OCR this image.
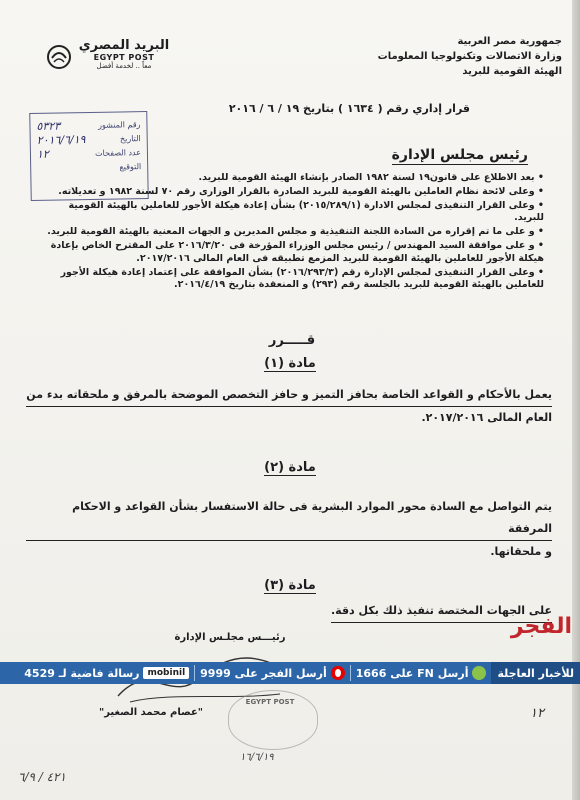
جمهورية مصر العربية
وزارة الاتصالات وتكنولوجيا المعلومات
الهيئة القومية للبريد
البريد المصري
EGYPT POST
معاً .. لخدمة أفضل
قرار إداري رقم ( ١٦٣٤ ) بتاريخ ١٩ / ٦ / ٢٠١٦
رقم المنشور
٥٣٢٣
التاريخ
٢٠١٦/٦/١٩
عدد الصفحات
١٢
التوقيع
رئيس مجلس الإدارة

• بعد الاطلاع على قانون١٩ لسنة ١٩٨٢ الصادر بإنشاء الهيئة القومية للبريد.

• وعلى لائحة نظام العاملين بالهيئة القومية للبريد الصادرة بالقرار الوزارى رقم ٧٠ لسنة ١٩٨٢ و تعديلاته.

• وعلى القرار التنفيذى لمجلس الادارة (٢٠١٥/٢٨٩/١) بشأن إعادة هيكلة الأجور للعاملين بالهيئة القومية للبريد.

• و على ما تم إقراره من السادة اللجنة التنفيذية و مجلس المديرين و الجهات المعنية بالهيئة القومية للبريد.

• و على موافقة السيد المهندس / رئيس مجلس الوزراء المؤرخة فى ٢٠١٦/٣/٢٠ على المقترح الخاص بإعادة هيكلة الأجور للعاملين بالهيئة القومية للبريد المزمع تطبيقه فى العام المالى ٢٠١٧/٢٠١٦.

• وعلى القرار التنفيذى لمجلس الإدارة رقم (٢٠١٦/٢٩٣/٣) بشأن الموافقة على إعتماد إعادة هيكلة الأجور للعاملين بالهيئة القومية للبريد بالجلسة رقم (٢٩٣) و المنعقدة بتاريخ ٢٠١٦/٤/١٩.

قـــــرر
مادة (١)
يعمل بالأحكام و القواعد الخاصة بحافز التميز و حافز التخصص الموضحة بالمرفق و ملحقاته بدء من
العام المالى ٢٠١٧/٢٠١٦.
مادة (٢)
يتم التواصل مع السادة محور الموارد البشرية فى حالة الاستفسار بشأن القواعد و الاحكام المرفقة
و ملحقاتها.
مادة (٣)
على الجهات المختصة تنفيذ ذلك بكل دقة.
رئيـــس مجلـس الإدارة
EGYPT POST
"عصام محمد الصغير"
١٦/٦/١٩
٤٢١ / ٦/٩
١٢
الفجر
للأخبار العاجلة
أرسل FN على 1666
أرسل الفجر على 9999
mobinil
رسالة فاضية لـ 4529
